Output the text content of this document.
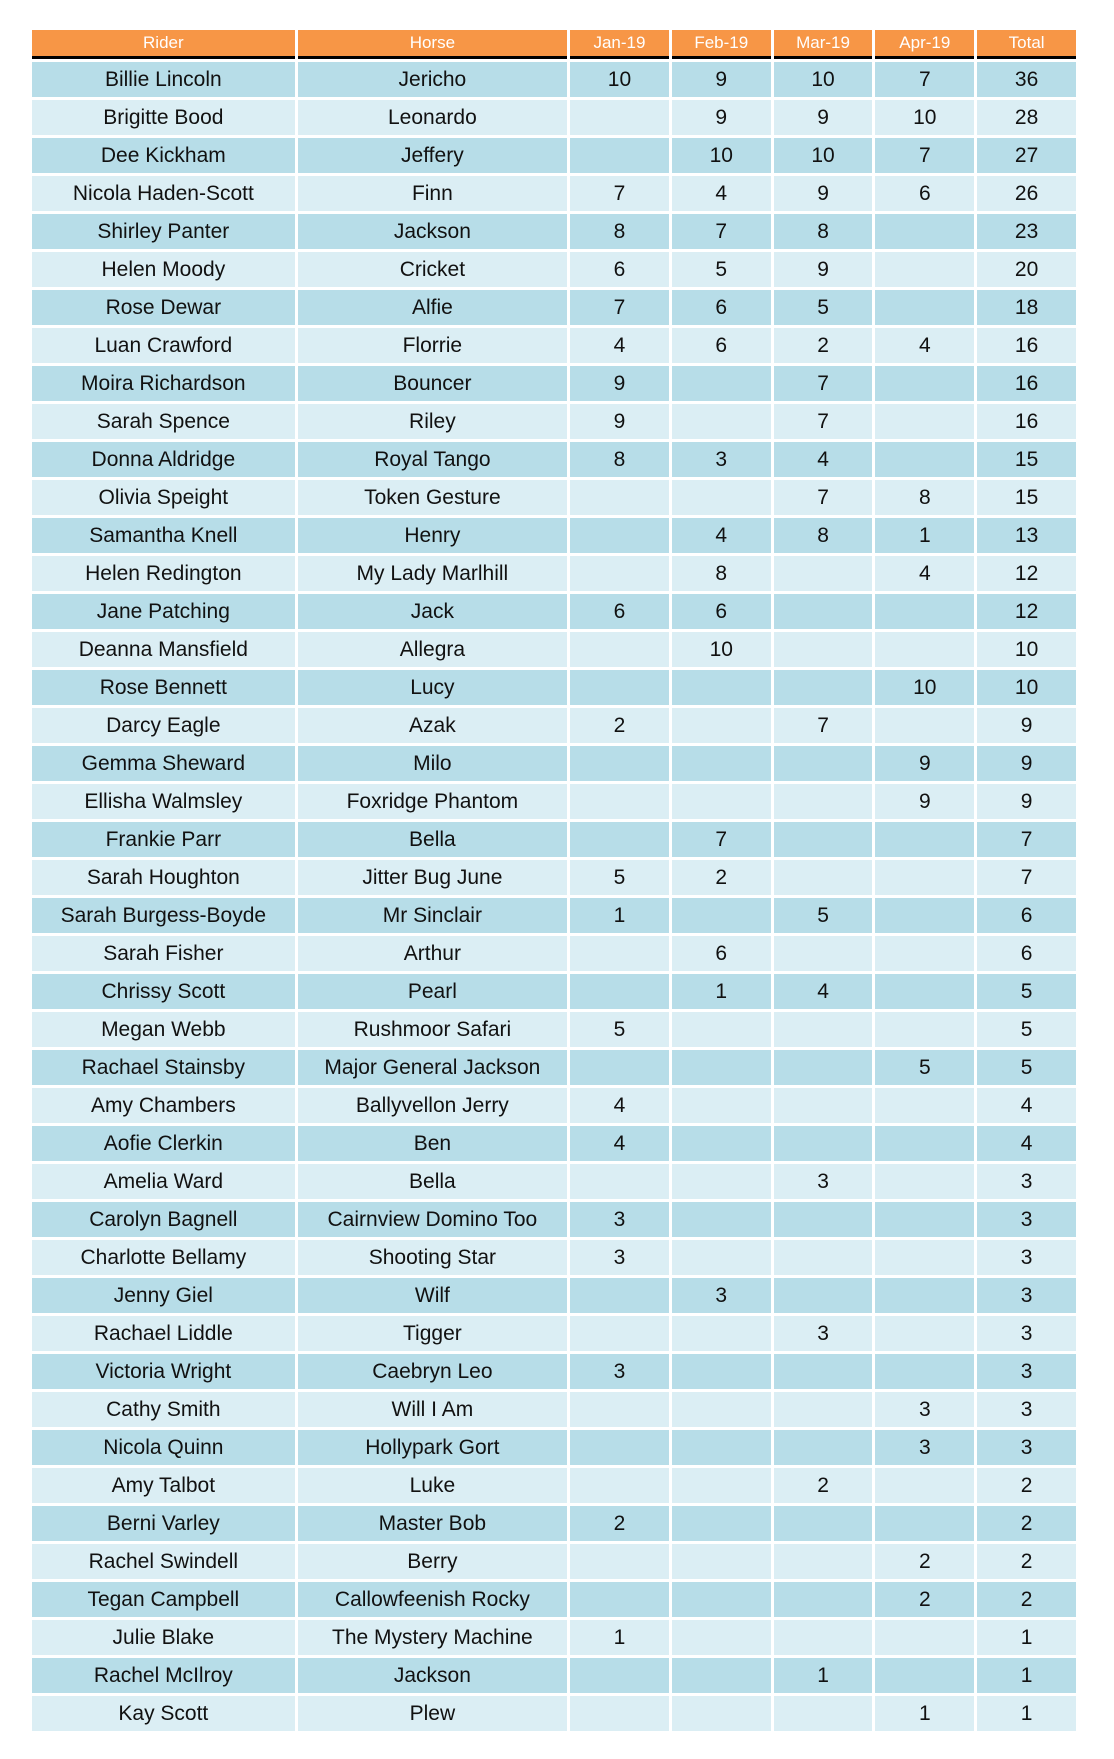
Rider	Horse	Jan-19	Feb-19	Mar-19	Apr-19	Total
Billie Lincoln	Jericho	10	9	10	7	36
Brigitte Bood	Leonardo		9	9	10	28
Dee Kickham	Jeffery		10	10	7	27
Nicola Haden-Scott	Finn	7	4	9	6	26
Shirley Panter	Jackson	8	7	8		23
Helen Moody	Cricket	6	5	9		20
Rose Dewar	Alfie	7	6	5		18
Luan Crawford	Florrie	4	6	2	4	16
Moira Richardson	Bouncer	9		7		16
Sarah Spence	Riley	9		7		16
Donna Aldridge	Royal Tango	8	3	4		15
Olivia Speight	Token Gesture			7	8	15
Samantha Knell	Henry		4	8	1	13
Helen Redington	My Lady Marlhill		8		4	12
Jane Patching	Jack	6	6			12
Deanna Mansfield	Allegra		10			10
Rose Bennett	Lucy				10	10
Darcy Eagle	Azak	2		7		9
Gemma Sheward	Milo				9	9
Ellisha Walmsley	Foxridge Phantom				9	9
Frankie Parr	Bella		7			7
Sarah Houghton	Jitter Bug June	5	2			7
Sarah Burgess-Boyde	Mr Sinclair	1		5		6
Sarah Fisher	Arthur		6			6
Chrissy Scott	Pearl		1	4		5
Megan Webb	Rushmoor Safari	5				5
Rachael Stainsby	Major General Jackson				5	5
Amy Chambers	Ballyvellon Jerry	4				4
Aofie Clerkin	Ben	4				4
Amelia Ward	Bella			3		3
Carolyn Bagnell	Cairnview Domino Too	3				3
Charlotte Bellamy	Shooting Star	3				3
Jenny Giel	Wilf		3			3
Rachael Liddle	Tigger			3		3
Victoria Wright	Caebryn Leo	3				3
Cathy Smith	Will I Am				3	3
Nicola Quinn	Hollypark Gort				3	3
Amy Talbot	Luke			2		2
Berni Varley	Master Bob	2				2
Rachel Swindell	Berry				2	2
Tegan Campbell	Callowfeenish Rocky				2	2
Julie Blake	The Mystery Machine	1				1
Rachel McIlroy	Jackson			1		1
Kay Scott	Plew				1	1
